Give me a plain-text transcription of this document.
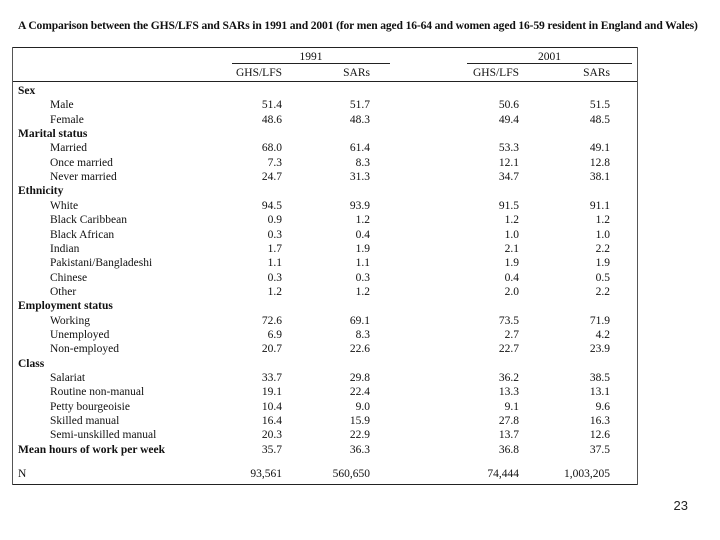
A Comparison between the GHS/LFS and SARs in 1991 and 2001 (for men aged 16-64 and women aged 16-59 resident in England and Wales)
1991	2001
GHS/LFS	SARs	GHS/LFS	SARs
Sex
Male	51.4	51.7	50.6	51.5
Female	48.6	48.3	49.4	48.5
Marital status
Married	68.0	61.4	53.3	49.1
Once married	7.3	8.3	12.1	12.8
Never married	24.7	31.3	34.7	38.1
Ethnicity
White	94.5	93.9	91.5	91.1
Black Caribbean	0.9	1.2	1.2	1.2
Black African	0.3	0.4	1.0	1.0
Indian	1.7	1.9	2.1	2.2
Pakistani/Bangladeshi	1.1	1.1	1.9	1.9
Chinese	0.3	0.3	0.4	0.5
Other	1.2	1.2	2.0	2.2
Employment status
Working	72.6	69.1	73.5	71.9
Unemployed	6.9	8.3	2.7	4.2
Non-employed	20.7	22.6	22.7	23.9
Class
Salariat	33.7	29.8	36.2	38.5
Routine non-manual	19.1	22.4	13.3	13.1
Petty bourgeoisie	10.4	9.0	9.1	9.6
Skilled manual	16.4	15.9	27.8	16.3
Semi-unskilled manual	20.3	22.9	13.7	12.6
Mean hours of work per week	35.7	36.3	36.8	37.5
N	93,561	560,650	74,444	1,003,205
23
